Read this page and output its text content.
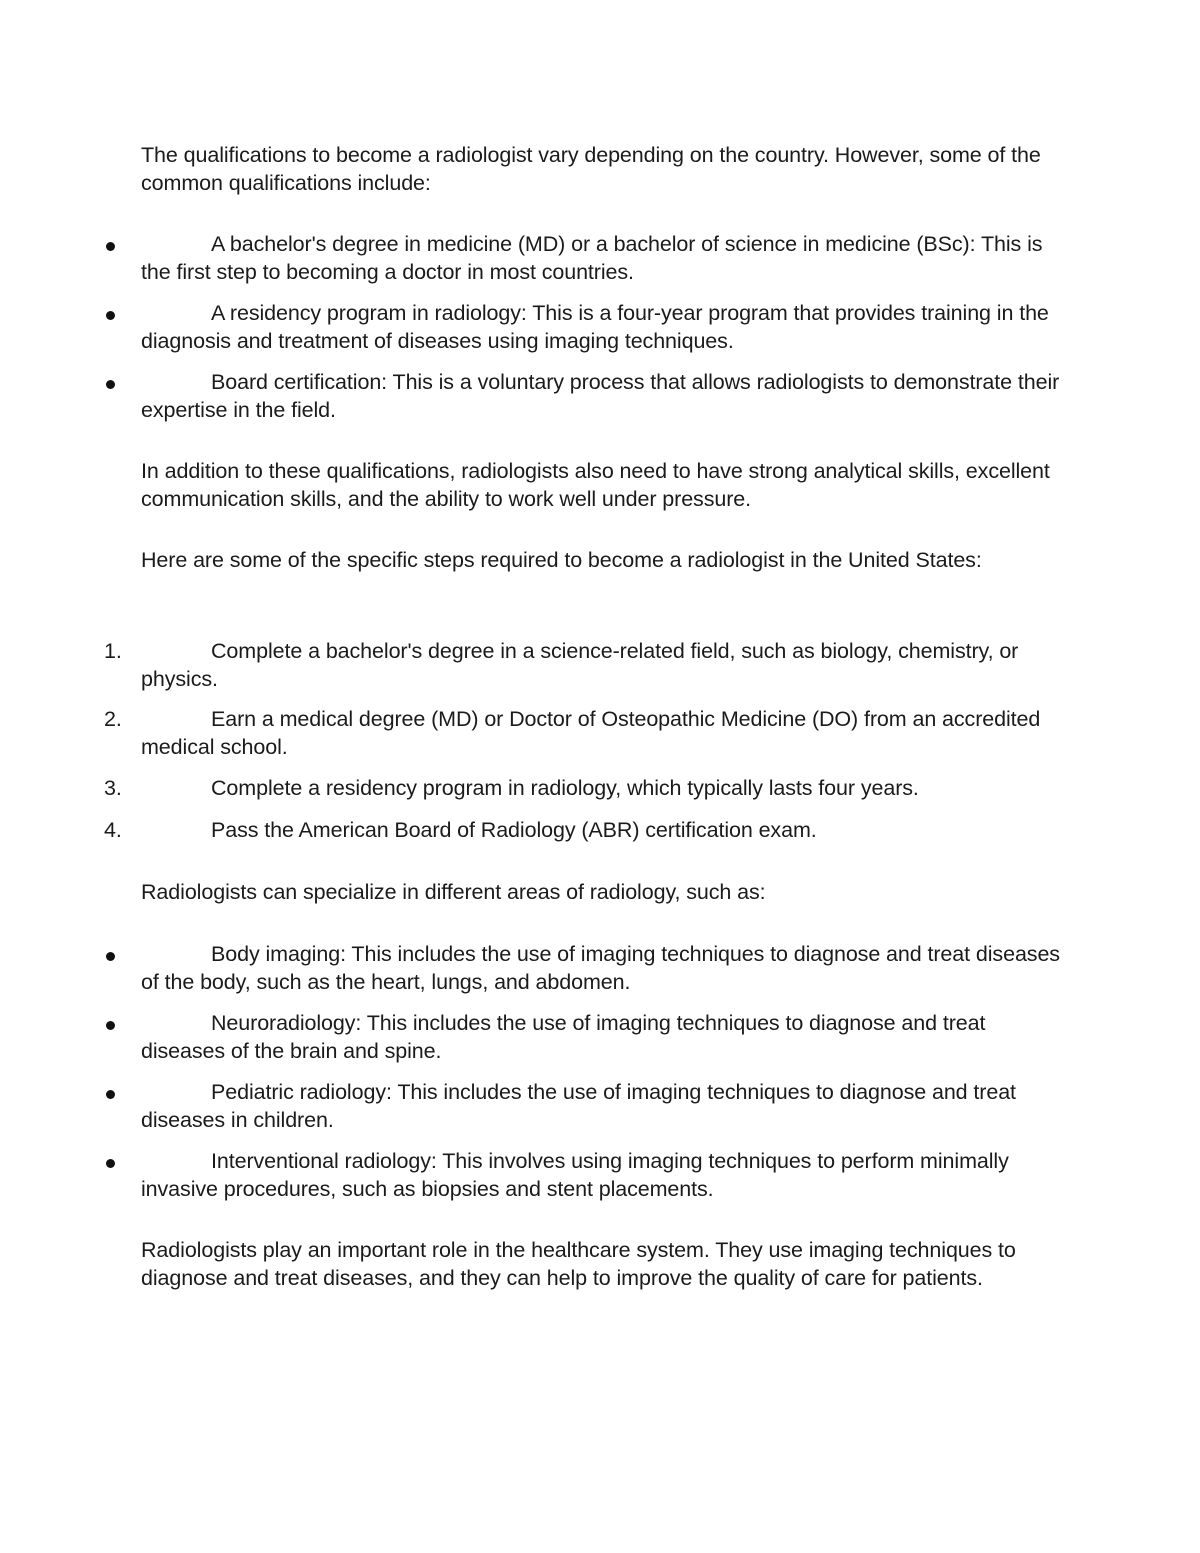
The qualifications to become a radiologist vary depending on the country. However, some of the common qualifications include:

A bachelor's degree in medicine (MD) or a bachelor of science in medicine (BSc): This is the first step to becoming a doctor in most countries.

A residency program in radiology: This is a four-year program that provides training in the diagnosis and treatment of diseases using imaging techniques.

Board certification: This is a voluntary process that allows radiologists to demonstrate their expertise in the field.

In addition to these qualifications, radiologists also need to have strong analytical skills, excellent communication skills, and the ability to work well under pressure.

Here are some of the specific steps required to become a radiologist in the United States:

1.	Complete a bachelor's degree in a science-related field, such as biology, chemistry, or physics.

2.	Earn a medical degree (MD) or Doctor of Osteopathic Medicine (DO) from an accredited medical school.

3.	Complete a residency program in radiology, which typically lasts four years.

4.	Pass the American Board of Radiology (ABR) certification exam.

Radiologists can specialize in different areas of radiology, such as:

Body imaging: This includes the use of imaging techniques to diagnose and treat diseases of the body, such as the heart, lungs, and abdomen.

Neuroradiology: This includes the use of imaging techniques to diagnose and treat diseases of the brain and spine.

Pediatric radiology: This includes the use of imaging techniques to diagnose and treat diseases in children.

Interventional radiology: This involves using imaging techniques to perform minimally invasive procedures, such as biopsies and stent placements.

Radiologists play an important role in the healthcare system. They use imaging techniques to diagnose and treat diseases, and they can help to improve the quality of care for patients.
